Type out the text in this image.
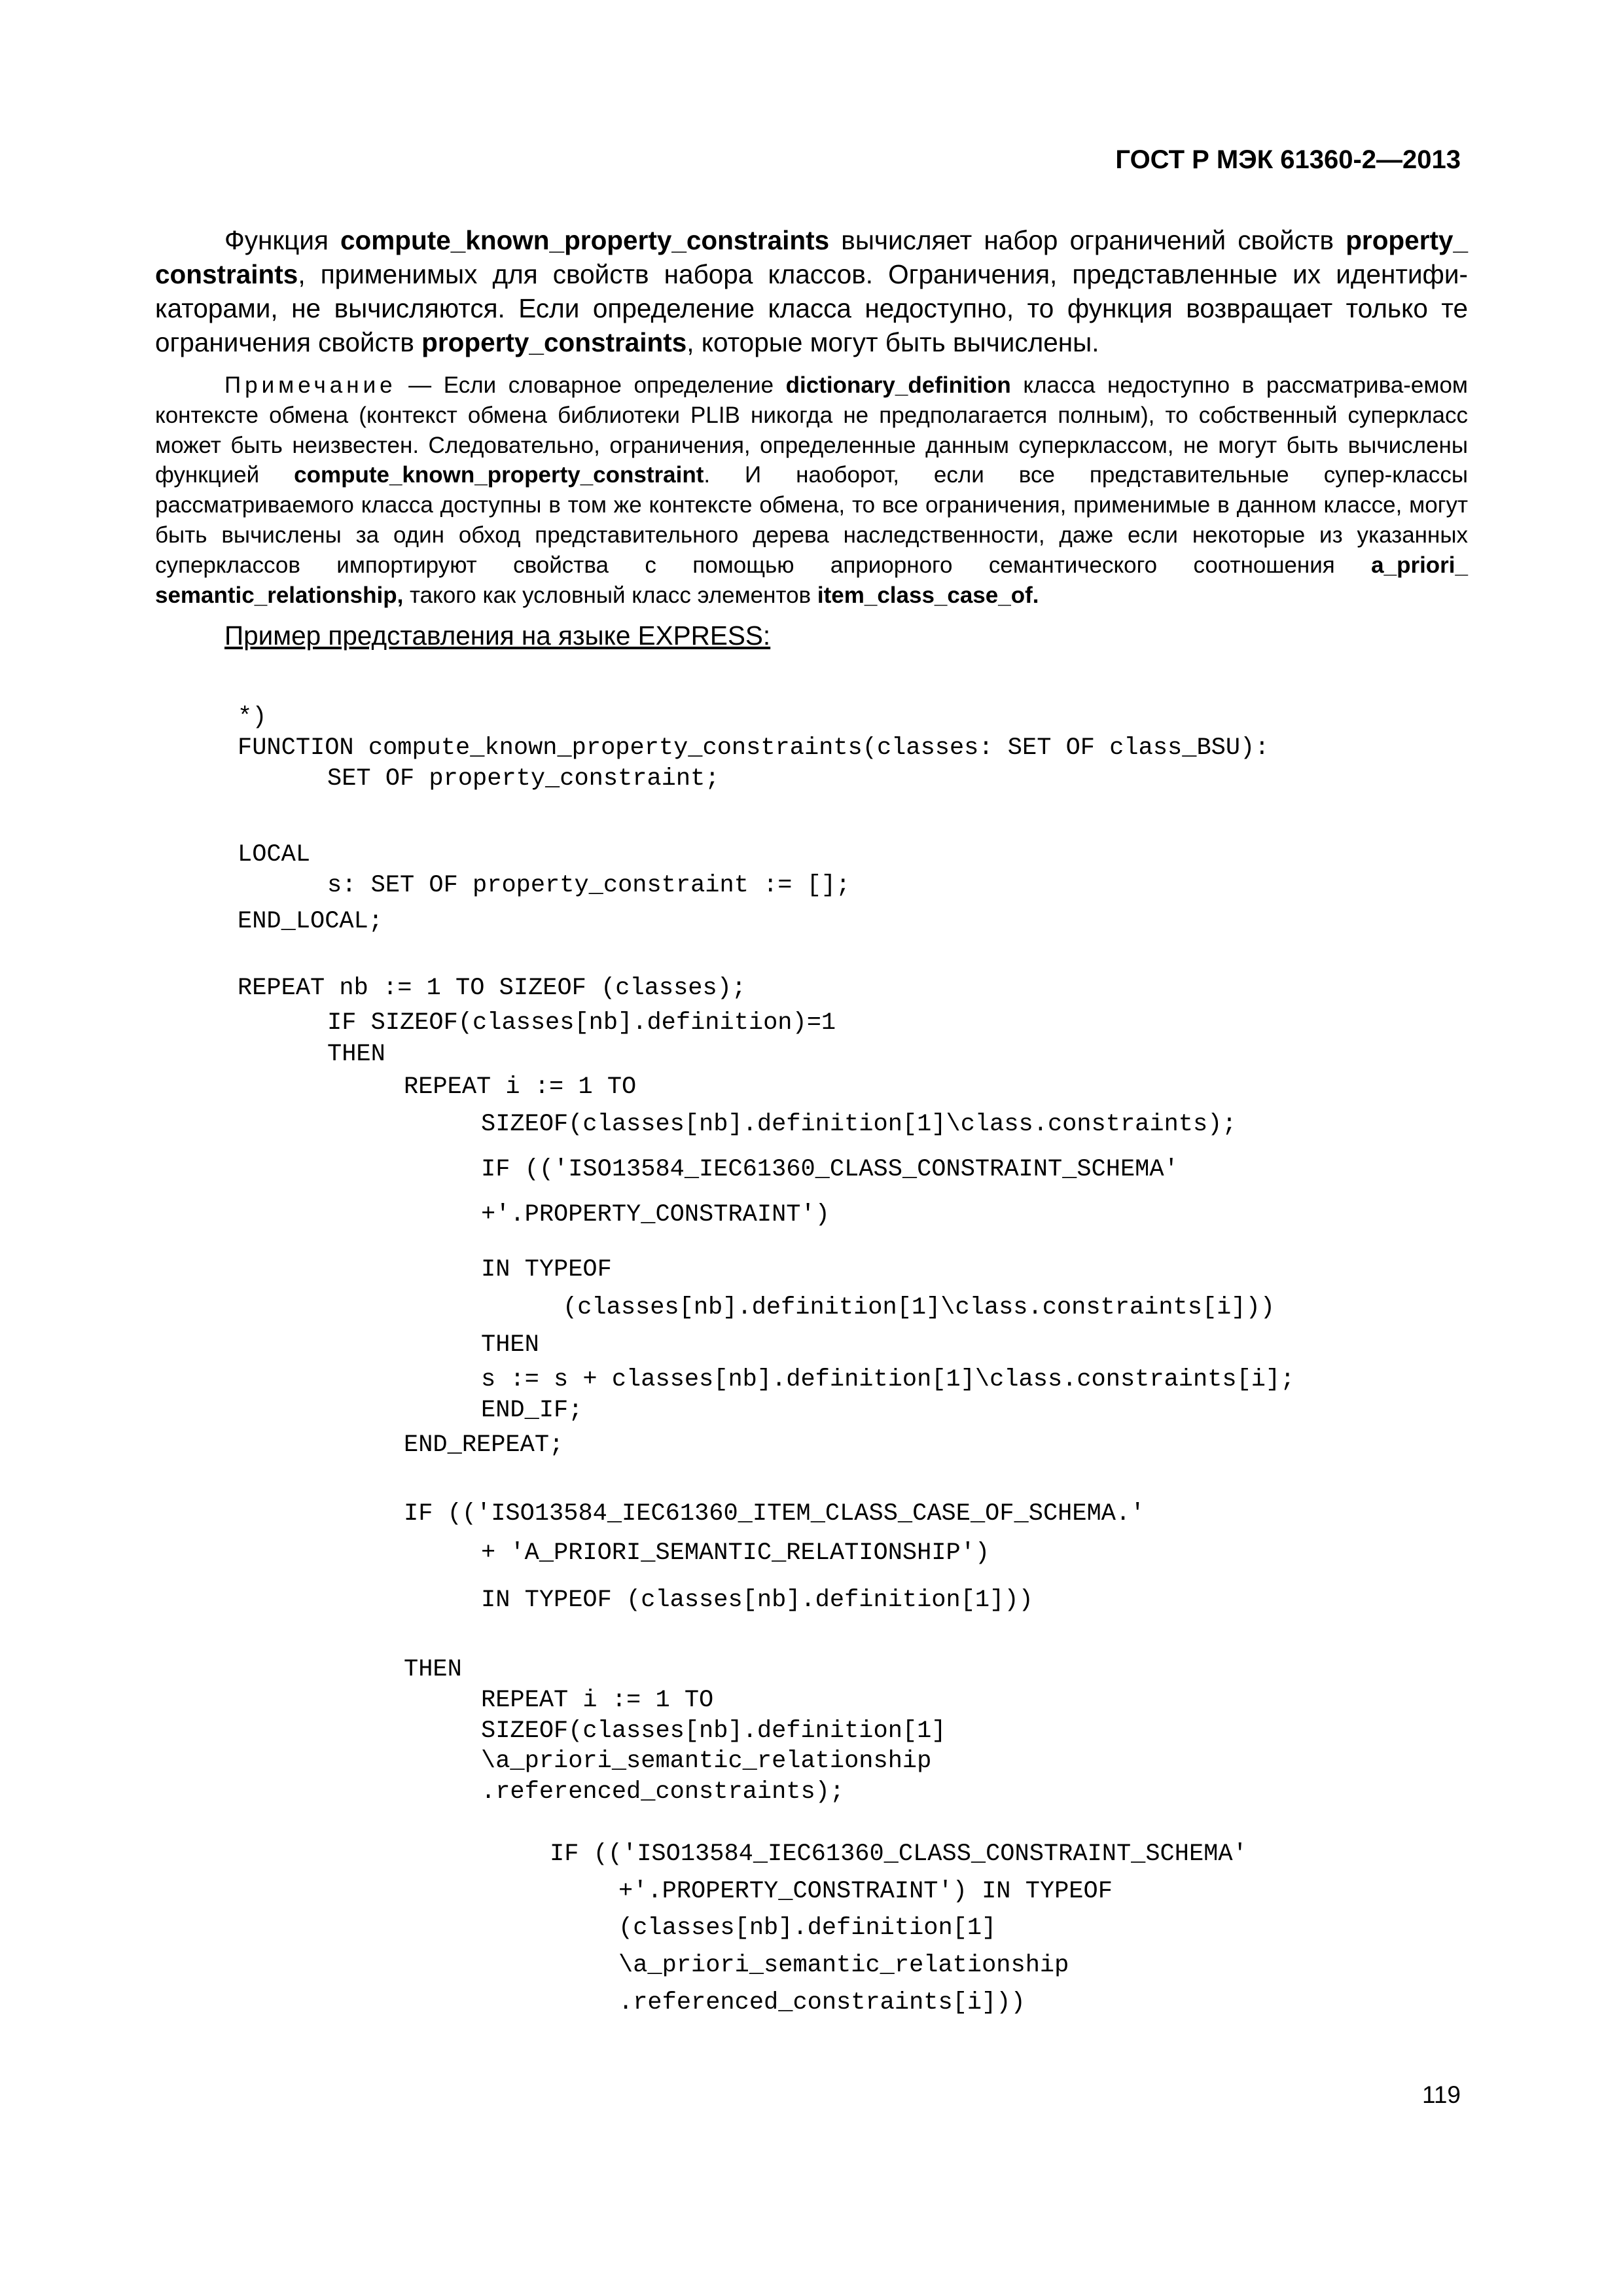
ГОСТ Р МЭК 61360-2—2013
Функция compute_known_property_constraints вычисляет набор ограничений свойств property_ constraints, применимых для свойств набора классов. Ограничения, представленные их идентифи-каторами, не вычисляются. Если определение класса недоступно, то функция возвращает только те ограничения свойств property_constraints, которые могут быть вычислены.
Примечание — Если словарное определение dictionary_definition класса недоступно в рассматрива-емом контексте обмена (контекст обмена библиотеки PLIB никогда не предполагается полным), то собственный суперкласс может быть неизвестен. Следовательно, ограничения, определенные данным суперклассом, не могут быть вычислены функцией compute_known_property_constraint. И наоборот, если все представительные супер-классы рассматриваемого класса доступны в том же контексте обмена, то все ограничения, применимые в данном классе, могут быть вычислены за один обход представительного дерева наследственности, даже если некоторые из указанных суперклассов импортируют свойства с помощью априорного семантического соотношения a_priori_ semantic_relationship, такого как условный класс элементов item_class_case_of.
Пример представления на языке EXPRESS:
*)
FUNCTION compute_known_property_constraints(classes: SET OF class_BSU):
SET OF property_constraint;
LOCAL
s: SET OF property_constraint := [];
END_LOCAL;
REPEAT nb := 1 TO SIZEOF (classes);
IF SIZEOF(classes[nb].definition)=1
THEN
REPEAT i := 1 TO
SIZEOF(classes[nb].definition[1]\class.constraints);
IF (('ISO13584_IEC61360_CLASS_CONSTRAINT_SCHEMA'
+'.PROPERTY_CONSTRAINT')
IN TYPEOF
(classes[nb].definition[1]\class.constraints[i]))
THEN
s := s + classes[nb].definition[1]\class.constraints[i];
END_IF;
END_REPEAT;
IF (('ISO13584_IEC61360_ITEM_CLASS_CASE_OF_SCHEMA.'
+ 'A_PRIORI_SEMANTIC_RELATIONSHIP')
IN TYPEOF (classes[nb].definition[1]))
THEN
REPEAT i := 1 TO
SIZEOF(classes[nb].definition[1]
\a_priori_semantic_relationship
.referenced_constraints);
IF (('ISO13584_IEC61360_CLASS_CONSTRAINT_SCHEMA'
+'.PROPERTY_CONSTRAINT') IN TYPEOF
(classes[nb].definition[1]
\a_priori_semantic_relationship
.referenced_constraints[i]))
119
